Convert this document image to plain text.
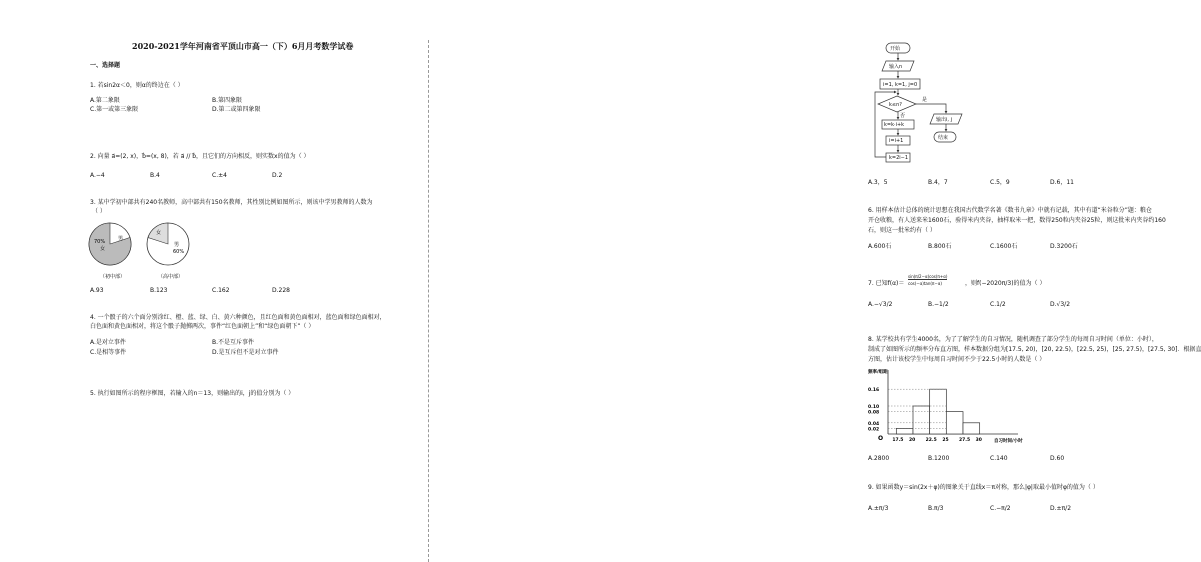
2020-2021学年河南省平顶山市高一（下）6月月考数学试卷
一、选择题
1. 若sin2α＜0，则α的终边在（ ）
A.第二象限	B.第四象限
C.第一或第三象限	D.第二或第四象限
2. 向量 a⃗=(2, x)，b⃗=(x, 8)，若 a⃗ // b⃗，且它们的方向相反，则实数x的值为（ ）
A.−4	B.4	C.±4	D.2
3. 某中学初中部共有240名教师，高中部共有150名教师，其性别比例如图所示，则该中学男教师的人数为
（ ）
70%
女
男
（初中部）
女
男
60%
（高中部）
A.93	B.123	C.162	D.228
4. 一个骰子的六个面分别涂红、橙、蓝、绿、白、黄六种颜色，且红色面和黄色面相对，蓝色面和绿色面相对，
白色面和黄色面相对，将这个骰子抛掷两次，事件“红色面朝上”和“绿色面朝下”（ ）
A.是对立事件	B.不是互斥事件
C.是相等事件	D.是互斥但不是对立事件
5. 执行如图所示的程序框图，若输入的n＝13，则输出的i，j的值分别为（ ）
开始
输入n
i=1, k=1, j=0
k≤n?
是
否
k=k·i+k
i=i+1
k=2i−1
输出i, j
结束
A.3，5	B.4，7	C.5，9	D.6，11
6. 用样本估计总体的统计思想在我国古代数学名著《数书九章》中就有记载，其中有道“米谷粒分”题：粮仓
开仓收粮，有人送来米1600石，验得米内夹谷，抽样取米一把，数得250粒内夹谷25粒，则这批米内夹谷约160
石，则这一批米约有（ ）
A.600石	B.800石	C.1600石	D.3200石
7. 已知f(α)＝
sin(π/2−α)cos(π+α)
cos(−α)tan(π−α)	，则f(−2020π/3)的值为（ ）
A.−√3/2	B.−1/2	C.1/2	D.√3/2
8. 某学校共有学生4000名，为了了解学生的自习情况，随机调查了部分学生的每周自习时间（单位：小时），
制成了如图所示的频率分布直方图，样本数据分组为[17.5, 20)，[20, 22.5)，[22.5, 25)，[25, 27.5)，[27.5, 30]．根据直
方图，估计该校学生中每周自习时间不少于22.5小时的人数是（ ）
O
频率/组距
自习时间/小时
0.16
0.10
0.08
0.04
0.02
17.5 20 22.5 25 27.5 30
A.2800	B.1200	C.140	D.60
9. 如果函数y＝sin(2x＋φ)的图象关于直线x＝π对称，那么|φ|取最小值时φ的值为（ ）
A.±π/3	B.π/3	C.−π/2	D.±π/2
